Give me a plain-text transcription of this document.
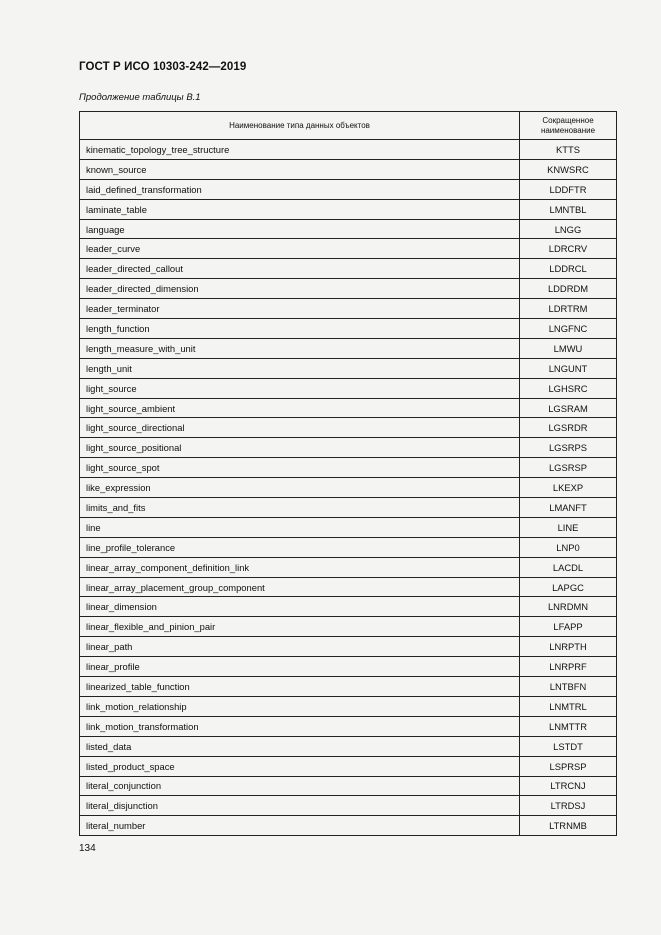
ГОСТ Р ИСО 10303-242—2019
Продолжение таблицы В.1
Наименование типа данных объектов	Сокращенное наименование
kinematic_topology_tree_structure	KTTS
known_source	KNWSRC
laid_defined_transformation	LDDFTR
laminate_table	LMNTBL
language	LNGG
leader_curve	LDRCRV
leader_directed_callout	LDDRCL
leader_directed_dimension	LDDRDM
leader_terminator	LDRTRM
length_function	LNGFNC
length_measure_with_unit	LMWU
length_unit	LNGUNT
light_source	LGHSRC
light_source_ambient	LGSRAM
light_source_directional	LGSRDR
light_source_positional	LGSRPS
light_source_spot	LGSRSP
like_expression	LKEXP
limits_and_fits	LMANFT
line	LINE
line_profile_tolerance	LNP0
linear_array_component_definition_link	LACDL
linear_array_placement_group_component	LAPGC
linear_dimension	LNRDMN
linear_flexible_and_pinion_pair	LFAPP
linear_path	LNRPTH
linear_profile	LNRPRF
linearized_table_function	LNTBFN
link_motion_relationship	LNMTRL
link_motion_transformation	LNMTTR
listed_data	LSTDT
listed_product_space	LSPRSP
literal_conjunction	LTRCNJ
literal_disjunction	LTRDSJ
literal_number	LTRNMB
134
